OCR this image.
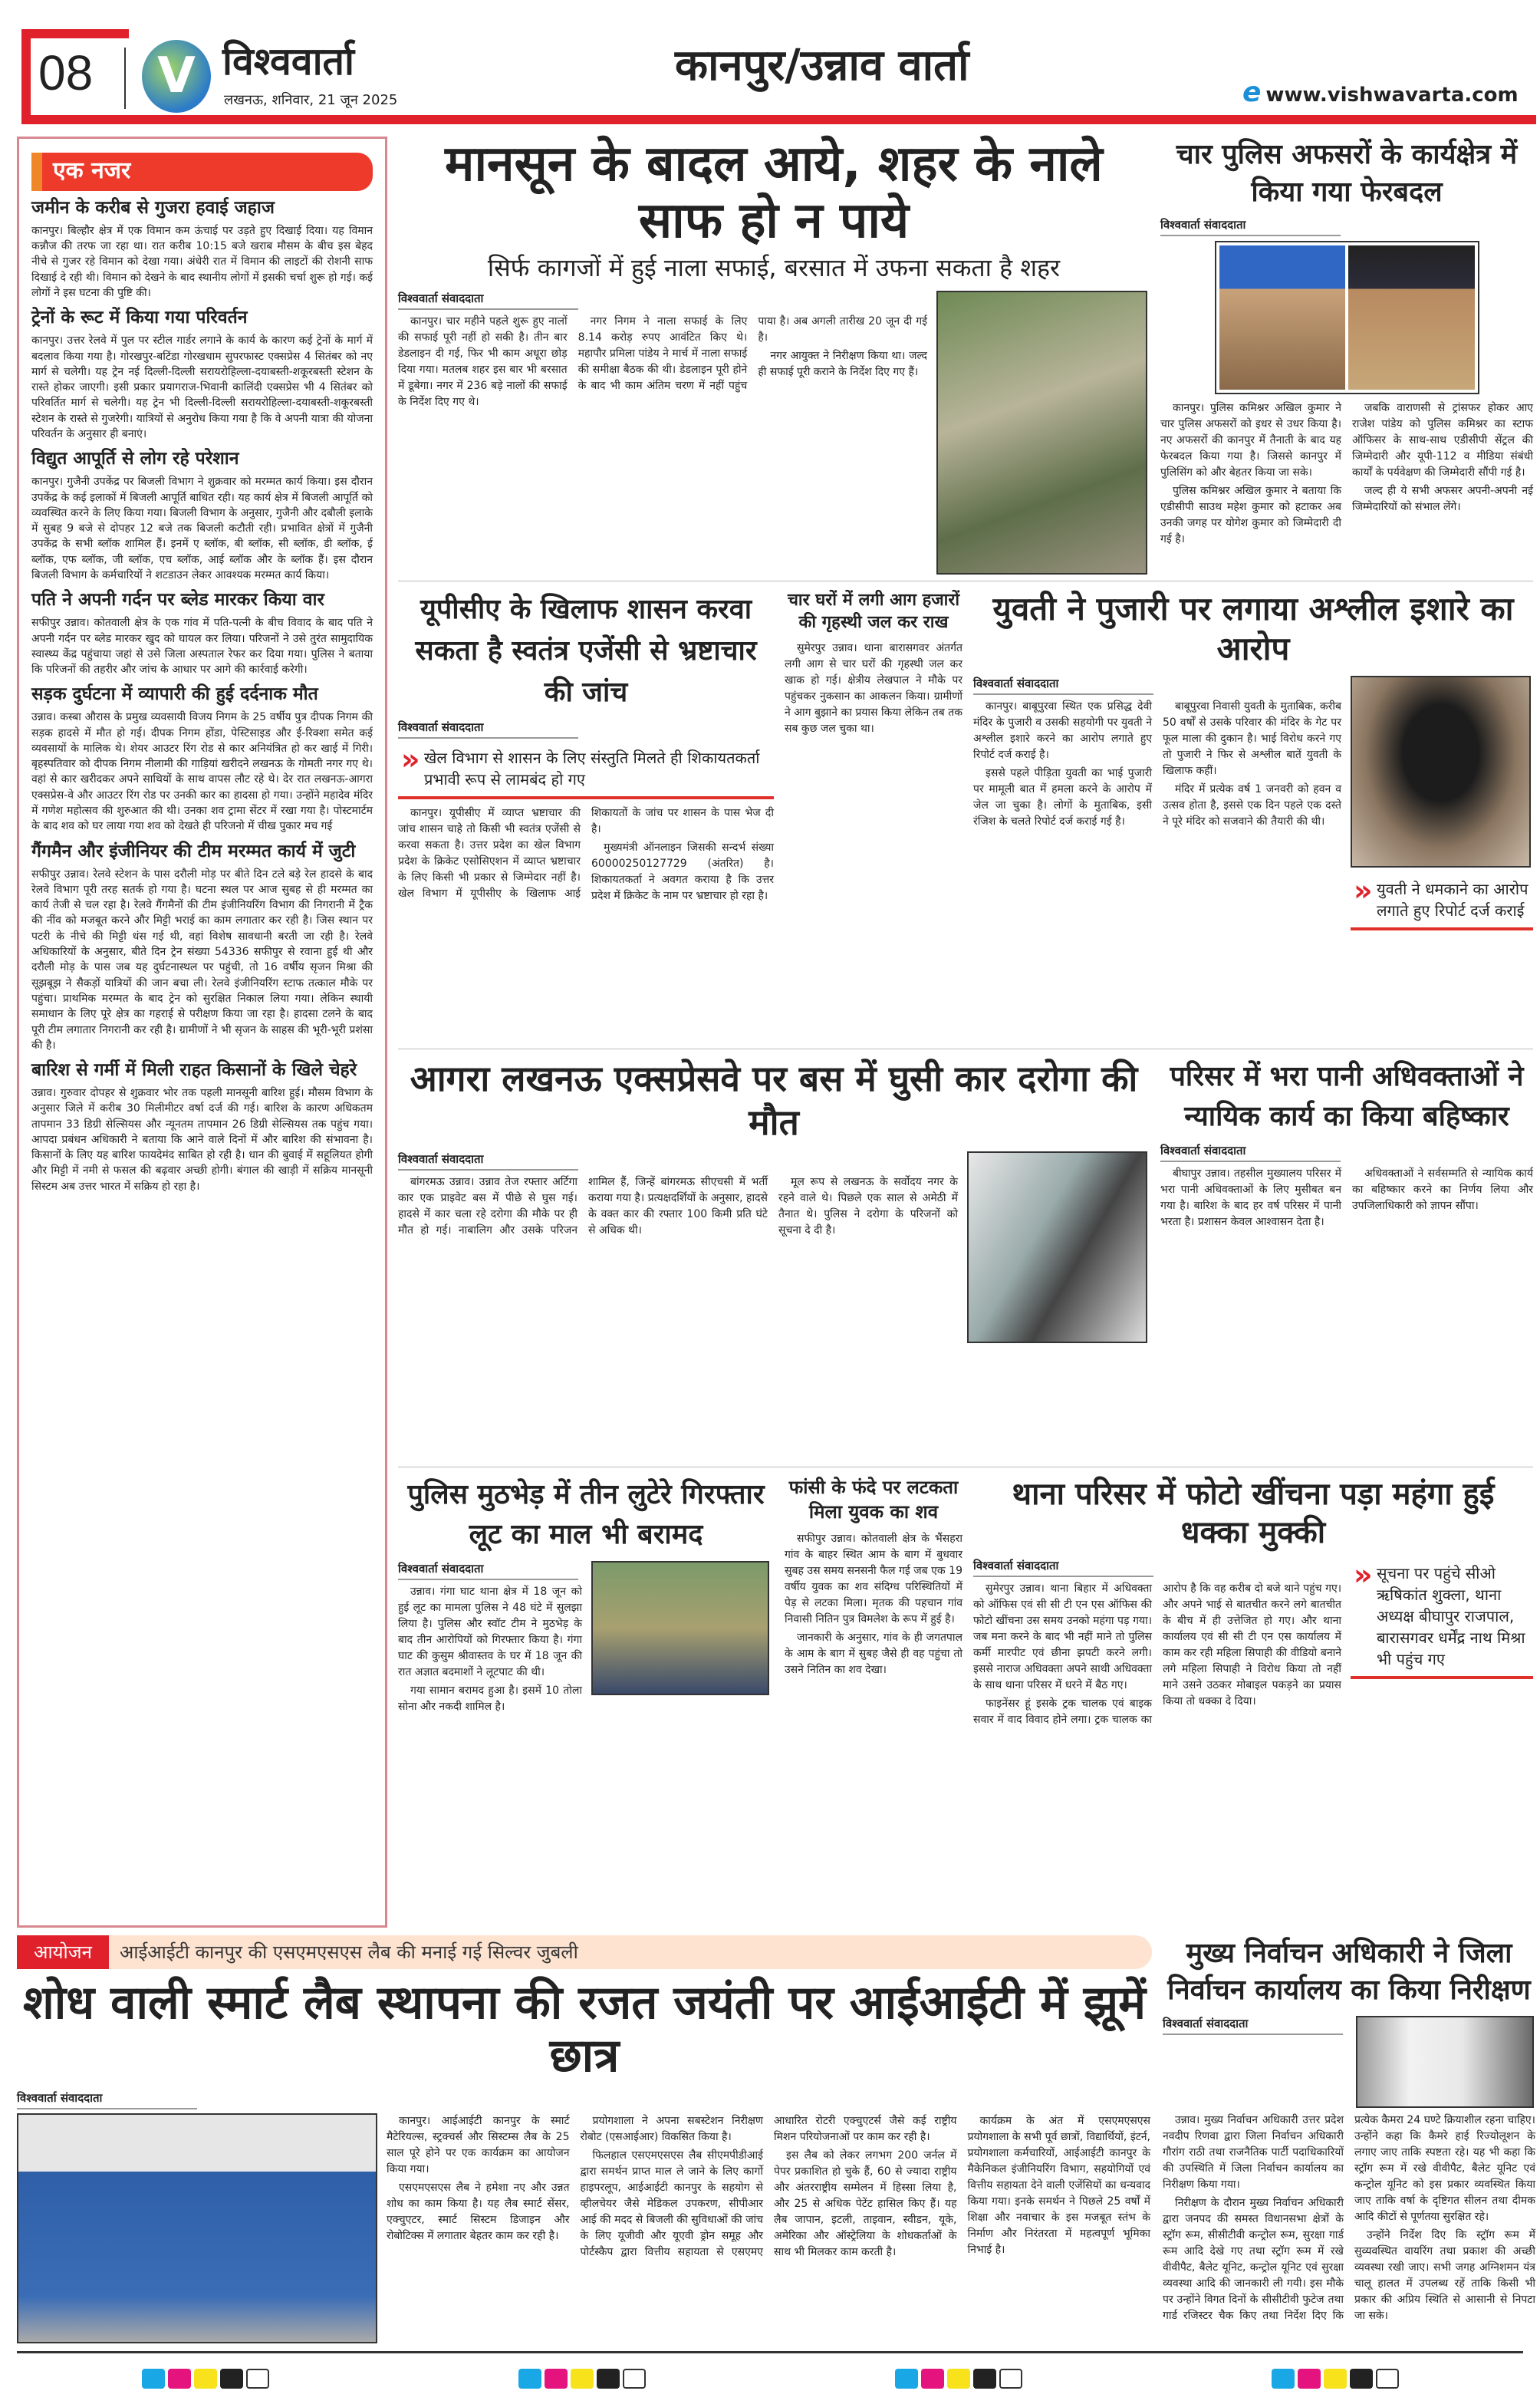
08	V विश्ववार्ता
लखनऊ, शनिवार, 21 जून 2025
कानपुर/उन्नाव वार्ता
e www.vishwavarta.com
एक नजर
जमीन के करीब से गुजरा हवाई जहाज

कानपुर। बिल्हौर क्षेत्र में एक विमान कम ऊंचाई पर उड़ते हुए दिखाई दिया। यह विमान कन्नौज की तरफ जा रहा था। रात करीब 10:15 बजे खराब मौसम के बीच इस बेहद नीचे से गुजर रहे विमान को देखा गया। अंधेरी रात में विमान की लाइटों की रोशनी साफ दिखाई दे रही थी। विमान को देखने के बाद स्थानीय लोगों में इसकी चर्चा शुरू हो गई। कई लोगों ने इस घटना की पुष्टि की।

ट्रेनों के रूट में किया गया परिवर्तन

कानपुर। उत्तर रेलवे में पुल पर स्टील गार्डर लगाने के कार्य के कारण कई ट्रेनों के मार्ग में बदलाव किया गया है। गोरखपुर-बटिंडा गोरखधाम सुपरफास्ट एक्सप्रेस 4 सितंबर को नए मार्ग से चलेगी। यह ट्रेन नई दिल्ली-दिल्ली सरायरोहिल्ला-दयाबस्ती-शकूरबस्ती स्टेशन के रास्ते होकर जाएगी। इसी प्रकार प्रयागराज-भिवानी कालिंदी एक्सप्रेस भी 4 सितंबर को परिवर्तित मार्ग से चलेगी। यह ट्रेन भी दिल्ली-दिल्ली सरायरोहिल्ला-दयाबस्ती-शकूरबस्ती स्टेशन के रास्ते से गुजरेगी। यात्रियों से अनुरोध किया गया है कि वे अपनी यात्रा की योजना परिवर्तन के अनुसार ही बनाएं।

विद्युत आपूर्ति से लोग रहे परेशान

कानपुर। गुजैनी उपकेंद्र पर बिजली विभाग ने शुक्रवार को मरम्मत कार्य किया। इस दौरान उपकेंद्र के कई इलाकों में बिजली आपूर्ति बाधित रही। यह कार्य क्षेत्र में बिजली आपूर्ति को व्यवस्थित करने के लिए किया गया। बिजली विभाग के अनुसार, गुजैनी और दबौली इलाके में सुबह 9 बजे से दोपहर 12 बजे तक बिजली कटौती रही। प्रभावित क्षेत्रों में गुजैनी उपकेंद्र के सभी ब्लॉक शामिल हैं। इनमें ए ब्लॉक, बी ब्लॉक, सी ब्लॉक, डी ब्लॉक, ई ब्लॉक, एफ ब्लॉक, जी ब्लॉक, एच ब्लॉक, आई ब्लॉक और के ब्लॉक हैं। इस दौरान बिजली विभाग के कर्मचारियों ने शटडाउन लेकर आवश्यक मरम्मत कार्य किया।

पति ने अपनी गर्दन पर ब्लेड मारकर किया वार

सफीपुर उन्नाव। कोतवाली क्षेत्र के एक गांव में पति-पत्नी के बीच विवाद के बाद पति ने अपनी गर्दन पर ब्लेड मारकर खुद को घायल कर लिया। परिजनों ने उसे तुरंत सामुदायिक स्वास्थ्य केंद्र पहुंचाया जहां से उसे जिला अस्पताल रेफर कर दिया गया। पुलिस ने बताया कि परिजनों की तहरीर और जांच के आधार पर आगे की कार्रवाई करेगी।

सड़क दुर्घटना में व्यापारी की हुई दर्दनाक मौत

उन्नाव। कस्बा औरास के प्रमुख व्यवसायी विजय निगम के 25 वर्षीय पुत्र दीपक निगम की सड़क हादसे में मौत हो गई। दीपक निगम होंडा, पेस्टिसाइड और ई-रिक्शा समेत कई व्यवसायों के मालिक थे। शेयर आउटर रिंग रोड से कार अनियंत्रित हो कर खाई में गिरी। बृहस्पतिवार को दीपक निगम नीलामी की गाड़ियां खरीदने लखनऊ के गोमती नगर गए थे। वहां से कार खरीदकर अपने साथियों के साथ वापस लौट रहे थे। देर रात लखनऊ-आगरा एक्सप्रेस-वे और आउटर रिंग रोड पर उनकी कार का हादसा हो गया। उन्होंने महादेव मंदिर में गणेश महोत्सव की शुरुआत की थी। उनका शव ट्रामा सेंटर में रखा गया है। पोस्टमार्टम के बाद शव को घर लाया गया शव को देखते ही परिजनो में चीख पुकार मच गई

गैंगमैन और इंजीनियर की टीम मरम्मत कार्य में जुटी

सफीपुर उन्नाव। रेलवे स्टेशन के पास दरौली मोड़ पर बीते दिन टले बड़े रेल हादसे के बाद रेलवे विभाग पूरी तरह सतर्क हो गया है। घटना स्थल पर आज सुबह से ही मरम्मत का कार्य तेजी से चल रहा है। रेलवे गैंगमैनों की टीम इंजीनियरिंग विभाग की निगरानी में ट्रैक की नींव को मजबूत करने और मिट्टी भराई का काम लगातार कर रही है। जिस स्थान पर पटरी के नीचे की मिट्टी धंस गई थी, वहां विशेष सावधानी बरती जा रही है। रेलवे अधिकारियों के अनुसार, बीते दिन ट्रेन संख्या 54336 सफीपुर से रवाना हुई थी और दरौली मोड़ के पास जब यह दुर्घटनास्थल पर पहुंची, तो 16 वर्षीय सृजन मिश्रा की सूझबूझ ने सैकड़ों यात्रियों की जान बचा ली। रेलवे इंजीनियरिंग स्टाफ तत्काल मौके पर पहुंचा। प्राथमिक मरम्मत के बाद ट्रेन को सुरक्षित निकाल लिया गया। लेकिन स्थायी समाधान के लिए पूरे क्षेत्र का गहराई से परीक्षण किया जा रहा है। हादसा टलने के बाद पूरी टीम लगातार निगरानी कर रही है। ग्रामीणों ने भी सृजन के साहस की भूरी-भूरी प्रशंसा की है।

बारिश से गर्मी में मिली राहत किसानों के खिले चेहरे

उन्नाव। गुरुवार दोपहर से शुक्रवार भोर तक पहली मानसूनी बारिश हुई। मौसम विभाग के अनुसार जिले में करीब 30 मिलीमीटर वर्षा दर्ज की गई। बारिश के कारण अधिकतम तापमान 33 डिग्री सेल्सियस और न्यूनतम तापमान 26 डिग्री सेल्सियस तक पहुंच गया। आपदा प्रबंधन अधिकारी ने बताया कि आने वाले दिनों में और बारिश की संभावना है। किसानों के लिए यह बारिश फायदेमंद साबित हो रही है। धान की बुवाई में सहूलियत होगी और मिट्टी में नमी से फसल की बढ़वार अच्छी होगी। बंगाल की खाड़ी में सक्रिय मानसूनी सिस्टम अब उत्तर भारत में सक्रिय हो रहा है।

मानसून के बादल आये, शहर के नाले साफ हो न पाये
सिर्फ कागजों में हुई नाला सफाई, बरसात में उफना सकता है शहर
विश्ववार्ता संवाददाता

कानपुर। चार महीने पहले शुरू हुए नालों की सफाई पूरी नहीं हो सकी है। तीन बार डेडलाइन दी गई, फिर भी काम अधूरा छोड़ दिया गया। मतलब शहर इस बार भी बरसात में डूबेगा। नगर में 236 बड़े नालों की सफाई के निर्देश दिए गए थे।

नगर निगम ने नाला सफाई के लिए 8.14 करोड़ रुपए आवंटित किए थे। महापौर प्रमिला पांडेय ने मार्च में नाला सफाई की समीक्षा बैठक की थी। डेडलाइन पूरी होने के बाद भी काम अंतिम चरण में नहीं पहुंच पाया है। अब अगली तारीख 20 जून दी गई है।

नगर आयुक्त ने निरीक्षण किया था। जल्द ही सफाई पूरी कराने के निर्देश दिए गए हैं।

चार पुलिस अफसरों के कार्यक्षेत्र में किया गया फेरबदल
विश्ववार्ता संवाददाता

कानपुर। पुलिस कमिश्नर अखिल कुमार ने चार पुलिस अफसरों को इधर से उधर किया है। नए अफसरों की कानपुर में तैनाती के बाद यह फेरबदल किया गया है। जिससे कानपुर में पुलिसिंग को और बेहतर किया जा सके।

पुलिस कमिश्नर अखिल कुमार ने बताया कि एडीसीपी साउथ महेश कुमार को हटाकर अब उनकी जगह पर योगेश कुमार को जिम्मेदारी दी गई है।

जबकि वाराणसी से ट्रांसफर होकर आए राजेश पांडेय को पुलिस कमिश्नर का स्टाफ ऑफिसर के साथ-साथ एडीसीपी सेंट्रल की जिम्मेदारी और यूपी-112 व मीडिया संबंधी कार्यों के पर्यवेक्षण की जिम्मेदारी सौंपी गई है।

जल्द ही ये सभी अफसर अपनी-अपनी नई जिम्मेदारियों को संभाल लेंगे।

यूपीसीए के खिलाफ शासन करवा सकता है स्वतंत्र एजेंसी से भ्रष्टाचार की जांच
विश्ववार्ता संवाददाता
» खेल विभाग से शासन के लिए संस्तुति मिलते ही शिकायतकर्ता प्रभावी रूप से लामबंद हो गए

कानपुर। यूपीसीए में व्याप्त भ्रष्टाचार की जांच शासन चाहे तो किसी भी स्वतंत्र एजेंसी से करवा सकता है। उत्तर प्रदेश का खेल विभाग प्रदेश के क्रिकेट एसोसिएशन में व्याप्त भ्रष्टाचार के लिए किसी भी प्रकार से जिम्मेदार नहीं है। खेल विभाग में यूपीसीए के खिलाफ आई शिकायतों के जांच पर शासन के पास भेज दी है।

मुख्यमंत्री ऑनलाइन जिसकी सन्दर्भ संख्या 60000250127729 (अंतरित) है। शिकायतकर्ता ने अवगत कराया है कि उत्तर प्रदेश में क्रिकेट के नाम पर भ्रष्टाचार हो रहा है।

चार घरों में लगी आग हजारों की गृहस्थी जल कर राख

सुमेरपुर उन्नाव। थाना बारासगवर अंतर्गत लगी आग से चार घरों की गृहस्थी जल कर खाक हो गई। क्षेत्रीय लेखपाल ने मौके पर पहुंचकर नुकसान का आकलन किया। ग्रामीणों ने आग बुझाने का प्रयास किया लेकिन तब तक सब कुछ जल चुका था।

युवती ने पुजारी पर लगाया अश्लील इशारे का आरोप
विश्ववार्ता संवाददाता

कानपुर। बाबूपुरवा स्थित एक प्रसिद्ध देवी मंदिर के पुजारी व उसकी सहयोगी पर युवती ने अश्लील इशारे करने का आरोप लगाते हुए रिपोर्ट दर्ज कराई है।

इससे पहले पीड़िता युवती का भाई पुजारी पर मामूली बात में हमला करने के आरोप में जेल जा चुका है। लोगों के मुताबिक, इसी रंजिश के चलते रिपोर्ट दर्ज कराई गई है।

बाबूपुरवा निवासी युवती के मुताबिक, करीब 50 वर्षों से उसके परिवार की मंदिर के गेट पर फूल माला की दुकान है। भाई विरोध करने गए तो पुजारी ने फिर से अश्लील बातें युवती के खिलाफ कहीं।

मंदिर में प्रत्येक वर्ष 1 जनवरी को हवन व उत्सव होता है, इससे एक दिन पहले एक दस्ते ने पूरे मंदिर को सजवाने की तैयारी की थी।

» युवती ने धमकाने का आरोप लगाते हुए रिपोर्ट दर्ज कराई
आगरा लखनऊ एक्सप्रेसवे पर बस में घुसी कार दरोगा की मौत
विश्ववार्ता संवाददाता

बांगरमऊ उन्नाव। उन्नाव तेज रफ्तार अर्टिगा कार एक प्राइवेट बस में पीछे से घुस गई। हादसे में कार चला रहे दरोगा की मौके पर ही मौत हो गई। नाबालिग और उसके परिजन शामिल हैं, जिन्हें बांगरमऊ सीएचसी में भर्ती कराया गया है। प्रत्यक्षदर्शियों के अनुसार, हादसे के वक्त कार की रफ्तार 100 किमी प्रति घंटे से अधिक थी।

मूल रूप से लखनऊ के सर्वोदय नगर के रहने वाले थे। पिछले एक साल से अमेठी में तैनात थे। पुलिस ने दरोगा के परिजनों को सूचना दे दी है।

परिसर में भरा पानी अधिवक्ताओं ने न्यायिक कार्य का किया बहिष्कार
विश्ववार्ता संवाददाता

बीघापुर उन्नाव। तहसील मुख्यालय परिसर में भरा पानी अधिवक्ताओं के लिए मुसीबत बन गया है। बारिश के बाद हर वर्ष परिसर में पानी भरता है। प्रशासन केवल आश्वासन देता है।

अधिवक्ताओं ने सर्वसम्मति से न्यायिक कार्य का बहिष्कार करने का निर्णय लिया और उपजिलाधिकारी को ज्ञापन सौंपा।

पुलिस मुठभेड़ में तीन लुटेरे गिरफ्तार लूट का माल भी बरामद
विश्ववार्ता संवाददाता

उन्नाव। गंगा घाट थाना क्षेत्र में 18 जून को हुई लूट का मामला पुलिस ने 48 घंटे में सुलझा लिया है। पुलिस और स्वॉट टीम ने मुठभेड़ के बाद तीन आरोपियों को गिरफ्तार किया है। गंगा घाट की कुसुम श्रीवास्तव के घर में 18 जून की रात अज्ञात बदमाशों ने लूटपाट की थी।

गया सामान बरामद हुआ है। इसमें 10 तोला सोना और नकदी शामिल है।

फांसी के फंदे पर लटकता मिला युवक का शव

सफीपुर उन्नाव। कोतवाली क्षेत्र के भैंसहरा गांव के बाहर स्थित आम के बाग में बुधवार सुबह उस समय सनसनी फैल गई जब एक 19 वर्षीय युवक का शव संदिग्ध परिस्थितियों में पेड़ से लटका मिला। मृतक की पहचान गांव निवासी नितिन पुत्र विमलेश के रूप में हुई है।

जानकारी के अनुसार, गांव के ही जगतपाल के आम के बाग में सुबह जैसे ही वह पहुंचा तो उसने नितिन का शव देखा।

थाना परिसर में फोटो खींचना पड़ा महंगा हुई धक्का मुक्की
विश्ववार्ता संवाददाता

सुमेरपुर उन्नाव। थाना बिहार में अधिवक्ता को ऑफिस एवं सी सी टी एन एस ऑफिस की फोटो खींचना उस समय उनको महंगा पड़ गया। जब मना करने के बाद भी नहीं माने तो पुलिस कर्मी मारपीट एवं छीना झपटी करने लगी। इससे नाराज अधिवक्ता अपने साथी अधिवक्ता के साथ थाना परिसर में धरने में बैठ गए।

फाइनेंसर हूं इसके ट्रक चालक एवं बाइक सवार में वाद विवाद होने लगा। ट्रक चालक का आरोप है कि वह करीब दो बजे थाने पहुंच गए। और अपने भाई से बातचीत करने लगे बातचीत के बीच में ही उत्तेजित हो गए। और थाना कार्यालय एवं सी सी टी एन एस कार्यालय में काम कर रही महिला सिपाही की वीडियो बनाने लगे महिला सिपाही ने विरोध किया तो नहीं माने उसने उठकर मोबाइल पकड़ने का प्रयास किया तो धक्का दे दिया।

» सूचना पर पहुंचे सीओ ऋषिकांत शुक्ला, थाना अध्यक्ष बीघापुर राजपाल, बारासगवर धर्मेंद्र नाथ मिश्रा भी पहुंच गए
आयोजन	आईआईटी कानपुर की एसएमएसएस लैब की मनाई गई सिल्वर जुबली
शोध वाली स्मार्ट लैब स्थापना की रजत जयंती पर आईआईटी में झूमें छात्र
विश्ववार्ता संवाददाता

कानपुर। आईआईटी कानपुर के स्मार्ट मैटेरियल्स, स्ट्रक्चर्स और सिस्टम्स लैब के 25 साल पूरे होने पर एक कार्यक्रम का आयोजन किया गया।

एसएमएसएस लैब ने हमेशा नए और उन्नत शोध का काम किया है। यह लैब स्मार्ट सेंसर, एक्चुएटर, स्मार्ट सिस्टम डिजाइन और रोबोटिक्स में लगातार बेहतर काम कर रही है।

प्रयोगशाला ने अपना सबस्टेशन निरीक्षण रोबोट (एसआईआर) विकसित किया है।

फिलहाल एसएमएसएस लैब सीएमपीडीआई द्वारा समर्थन प्राप्त माल ले जाने के लिए कार्गो हाइपरलूप, आईआईटी कानपुर के सहयोग से व्हीलचेयर जैसे मेडिकल उपकरण, सीपीआर आई की मदद से बिजली की सुविधाओं की जांच के लिए यूजीवी और यूएवी ड्रोन समूह और पोर्टस्कैप द्वारा वित्तीय सहायता से एसएमए आधारित रोटरी एक्चुएटर्स जैसे कई राष्ट्रीय मिशन परियोजनाओं पर काम कर रही है।

इस लैब को लेकर लगभग 200 जर्नल में पेपर प्रकाशित हो चुके हैं, 60 से ज्यादा राष्ट्रीय और अंतरराष्ट्रीय सम्मेलन में हिस्सा लिया है, और 25 से अधिक पेटेंट हासिल किए हैं। यह लैब जापान, इटली, ताइवान, स्वीडन, यूके, अमेरिका और ऑस्ट्रेलिया के शोधकर्ताओं के साथ भी मिलकर काम करती है।

कार्यक्रम के अंत में एसएमएसएस प्रयोगशाला के सभी पूर्व छात्रों, विद्यार्थियों, इंटर्न, प्रयोगशाला कर्मचारियों, आईआईटी कानपुर के मैकेनिकल इंजीनियरिंग विभाग, सहयोगियों एवं वित्तीय सहायता देने वाली एजेंसियों का धन्यवाद किया गया। इनके समर्थन ने पिछले 25 वर्षों में शिक्षा और नवाचार के इस मजबूत स्तंभ के निर्माण और निरंतरता में महत्वपूर्ण भूमिका निभाई है।

मुख्य निर्वाचन अधिकारी ने जिला निर्वाचन कार्यालय का किया निरीक्षण
विश्ववार्ता संवाददाता

उन्नाव। मुख्य निर्वाचन अधिकारी उत्तर प्रदेश नवदीप रिणवा द्वारा जिला निर्वाचन अधिकारी गौरांग राठी तथा राजनैतिक पार्टी पदाधिकारियों की उपस्थिति में जिला निर्वाचन कार्यालय का निरीक्षण किया गया।

निरीक्षण के दौरान मुख्य निर्वाचन अधिकारी द्वारा जनपद की समस्त विधानसभा क्षेत्रों के स्ट्रॉग रूम, सीसीटीवी कन्ट्रोल रूम, सुरक्षा गार्ड रूम आदि देखे गए तथा स्ट्रॉग रूम में रखे वीवीपैट, बैलेट यूनिट, कन्ट्रोल यूनिट एवं सुरक्षा व्यवस्था आदि की जानकारी ली गयी। इस मौके पर उन्होंने विगत दिनों के सीसीटीवी फुटेज तथा गार्ड रजिस्टर चैक किए तथा निर्देश दिए कि प्रत्येक कैमरा 24 घण्टे क्रियाशील रहना चाहिए। उन्होंने कहा कि कैमरे हाई रिज्योलूशन के लगाए जाए ताकि स्पष्टता रहे। यह भी कहा कि स्ट्रॉग रूम में रखे वीवीपैट, बैलेट यूनिट एवं कन्ट्रोल यूनिट को इस प्रकार व्यवस्थित किया जाए ताकि वर्षा के दृष्टिगत सीलन तथा दीमक आदि कीटों से पूर्णतया सुरक्षित रहे।

उन्होंने निर्देश दिए कि स्ट्रॉग रूम में सुव्यवस्थित वायरिंग तथा प्रकाश की अच्छी व्यवस्था रखी जाए। सभी जगह अग्निशमन यंत्र चालू हालत में उपलब्ध रहें ताकि किसी भी प्रकार की अप्रिय स्थिति से आसानी से निपटा जा सके।
